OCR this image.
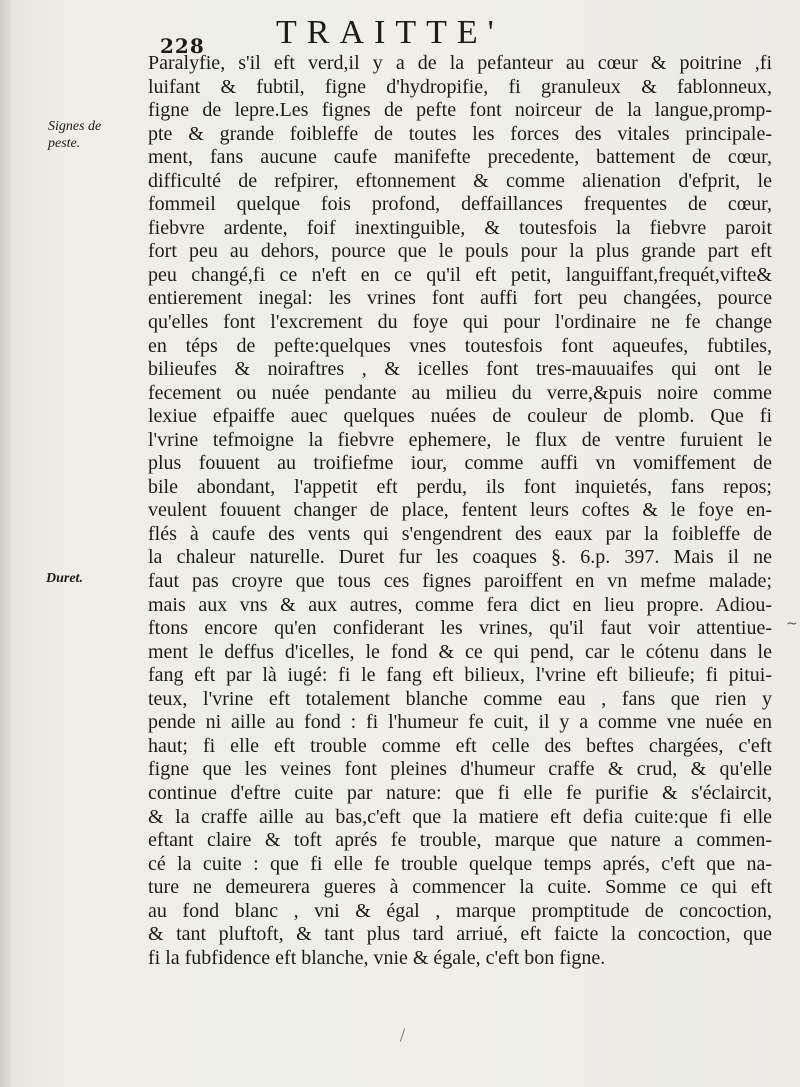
228 TRAITTE'
Signes de peste.
Duret.
Paralyfie, s'il eft verd,il y a de la pefanteur au cœur & poitrine ,fi
luifant & fubtil, figne d'hydropifie, fi granuleux & fablonneux,
figne de lepre.Les fignes de pefte font noirceur de la langue,promp-
pte & grande foibleffe de toutes les forces des vitales principale-
ment, fans aucune caufe manifefte precedente, battement de cœur,
difficulté de refpirer, eftonnement & comme alienation d'efprit, le
fommeil quelque fois profond, deffaillances frequentes de cœur,
fiebvre ardente, foif inextinguible, & toutesfois la fiebvre paroit
fort peu au dehors, pource que le pouls pour la plus grande part eft
peu changé,fi ce n'eft en ce qu'il eft petit, languiffant,frequét,vifte&
entierement inegal: les vrines font auffi fort peu changées, pource
qu'elles font l'excrement du foye qui pour l'ordinaire ne fe change
en téps de pefte:quelques vnes toutesfois font aqueufes, fubtiles,
bilieufes & noiraftres , & icelles font tres-mauuaifes qui ont le
fecement ou nuée pendante au milieu du verre,&puis noire comme
lexiue efpaiffe auec quelques nuées de couleur de plomb. Que fi
l'vrine tefmoigne la fiebvre ephemere, le flux de ventre furuient le
plus fouuent au troifiefme iour, comme auffi vn vomiffement de
bile abondant, l'appetit eft perdu, ils font inquietés, fans repos;
veulent fouuent changer de place, fentent leurs coftes & le foye en-
flés à caufe des vents qui s'engendrent des eaux par la foibleffe de
la chaleur naturelle. Duret fur les coaques §. 6.p. 397. Mais il ne
faut pas croyre que tous ces fignes paroiffent en vn mefme malade;
mais aux vns & aux autres, comme fera dict en lieu propre. Adiou-
ftons encore qu'en confiderant les vrines, qu'il faut voir attentiue-
ment le deffus d'icelles, le fond & ce qui pend, car le cótenu dans le
fang eft par là iugé: fi le fang eft bilieux, l'vrine eft bilieufe; fi pitui-
teux, l'vrine eft totalement blanche comme eau , fans que rien y
pende ni aille au fond : fi l'humeur fe cuit, il y a comme vne nuée en
haut; fi elle eft trouble comme eft celle des beftes chargées, c'eft
figne que les veines font pleines d'humeur craffe & crud, & qu'elle
continue d'eftre cuite par nature: que fi elle fe purifie & s'éclaircit,
& la craffe aille au bas,c'eft que la matiere eft defia cuite:que fi elle
eftant claire & toft aprés fe trouble, marque que nature a commen-
cé la cuite : que fi elle fe trouble quelque temps aprés, c'eft que na-
ture ne demeurera gueres à commencer la cuite. Somme ce qui eft
au fond blanc , vni & égal , marque promptitude de concoction,
& tant pluftoft, & tant plus tard arriué, eft faicte la concoction, que
fi la fubfidence eft blanche, vnie & égale, c'eft bon figne.
~
